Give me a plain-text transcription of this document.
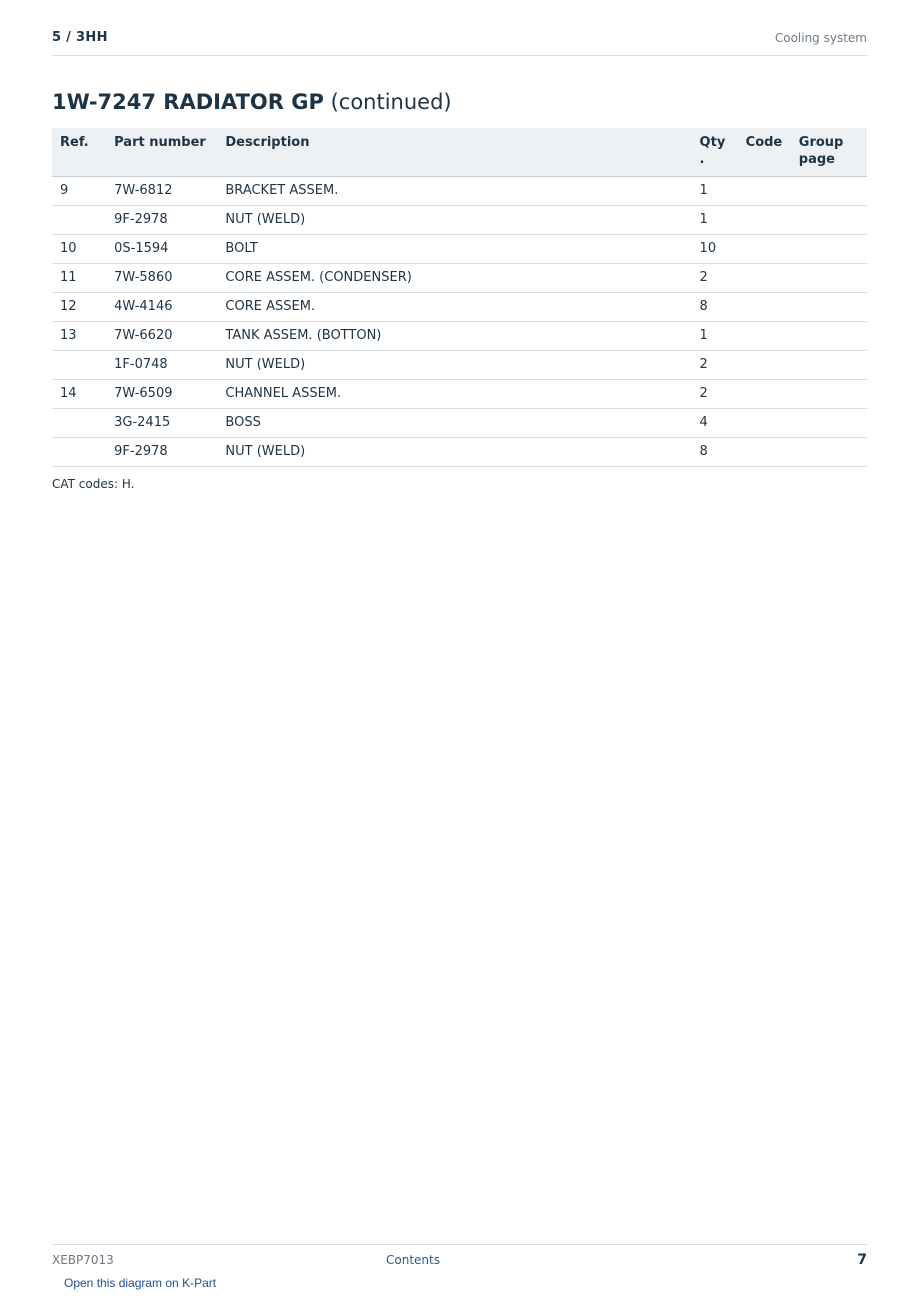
5 / 3HH	Cooling system
1W-7247 RADIATOR GP (continued)
Ref.	Part number	Description	Qty .	Code	Group page
9	7W-6812	BRACKET ASSEM.	1		
	9F-2978	NUT (WELD)	1		
10	0S-1594	BOLT	10		
11	7W-5860	CORE ASSEM. (CONDENSER)	2		
12	4W-4146	CORE ASSEM.	8		
13	7W-6620	TANK ASSEM. (BOTTON)	1		
	1F-0748	NUT (WELD)	2		
14	7W-6509	CHANNEL ASSEM.	2		
	3G-2415	BOSS	4		
	9F-2978	NUT (WELD)	8		
CAT codes: H.
XEBP7013	Contents	7
Open this diagram on K-Part
